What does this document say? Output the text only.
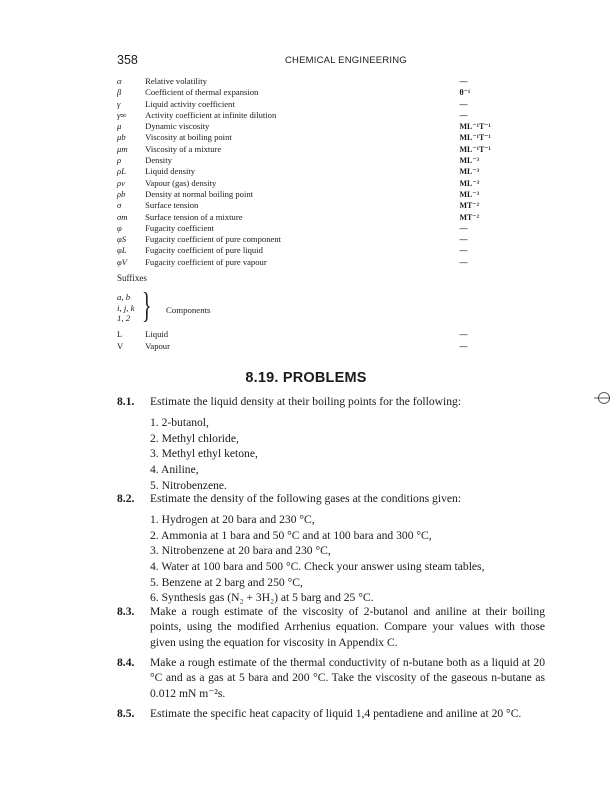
358	CHEMICAL ENGINEERING
α	Relative volatility	—
β	Coefficient of thermal expansion	θ⁻¹
γ	Liquid activity coefficient	—
γ∞	Activity coefficient at infinite dilution	—
μ	Dynamic viscosity	ML⁻¹T⁻¹
μb	Viscosity at boiling point	ML⁻¹T⁻¹
μm	Viscosity of a mixture	ML⁻¹T⁻¹
ρ	Density	ML⁻³
ρL	Liquid density	ML⁻³
ρv	Vapour (gas) density	ML⁻³
ρb	Density at normal boiling point	ML⁻³
σ	Surface tension	MT⁻²
σm	Surface tension of a mixture	MT⁻²
φ	Fugacity coefficient	—
φS	Fugacity coefficient of pure component	—
φL	Fugacity coefficient of pure liquid	—
φV	Fugacity coefficient of pure vapour	—
Suffixes
a, b
i, j, k
1, 2 } Components
L	Liquid	—
V	Vapour	—
8.19. PROBLEMS
8.1.	Estimate the liquid density at their boiling points for the following:
1. 2-butanol,
2. Methyl chloride,
3. Methyl ethyl ketone,
4. Aniline,
5. Nitrobenzene.
8.2.	Estimate the density of the following gases at the conditions given:
1. Hydrogen at 20 bara and 230 °C,
2. Ammonia at 1 bara and 50 °C and at 100 bara and 300 °C,
3. Nitrobenzene at 20 bara and 230 °C,
4. Water at 100 bara and 500 °C. Check your answer using steam tables,
5. Benzene at 2 barg and 250 °C,
6. Synthesis gas (N₂ + 3H₂) at 5 barg and 25 °C.
8.3.	Make a rough estimate of the viscosity of 2-butanol and aniline at their boiling points, using the modified Arrhenius equation. Compare your values with those given using the equation for viscosity in Appendix C.
8.4.	Make a rough estimate of the thermal conductivity of n-butane both as a liquid at 20 °C and as a gas at 5 bara and 200 °C. Take the viscosity of the gaseous n-butane as 0.012 mN m⁻²s.
8.5.	Estimate the specific heat capacity of liquid 1,4 pentadiene and aniline at 20 °C.
